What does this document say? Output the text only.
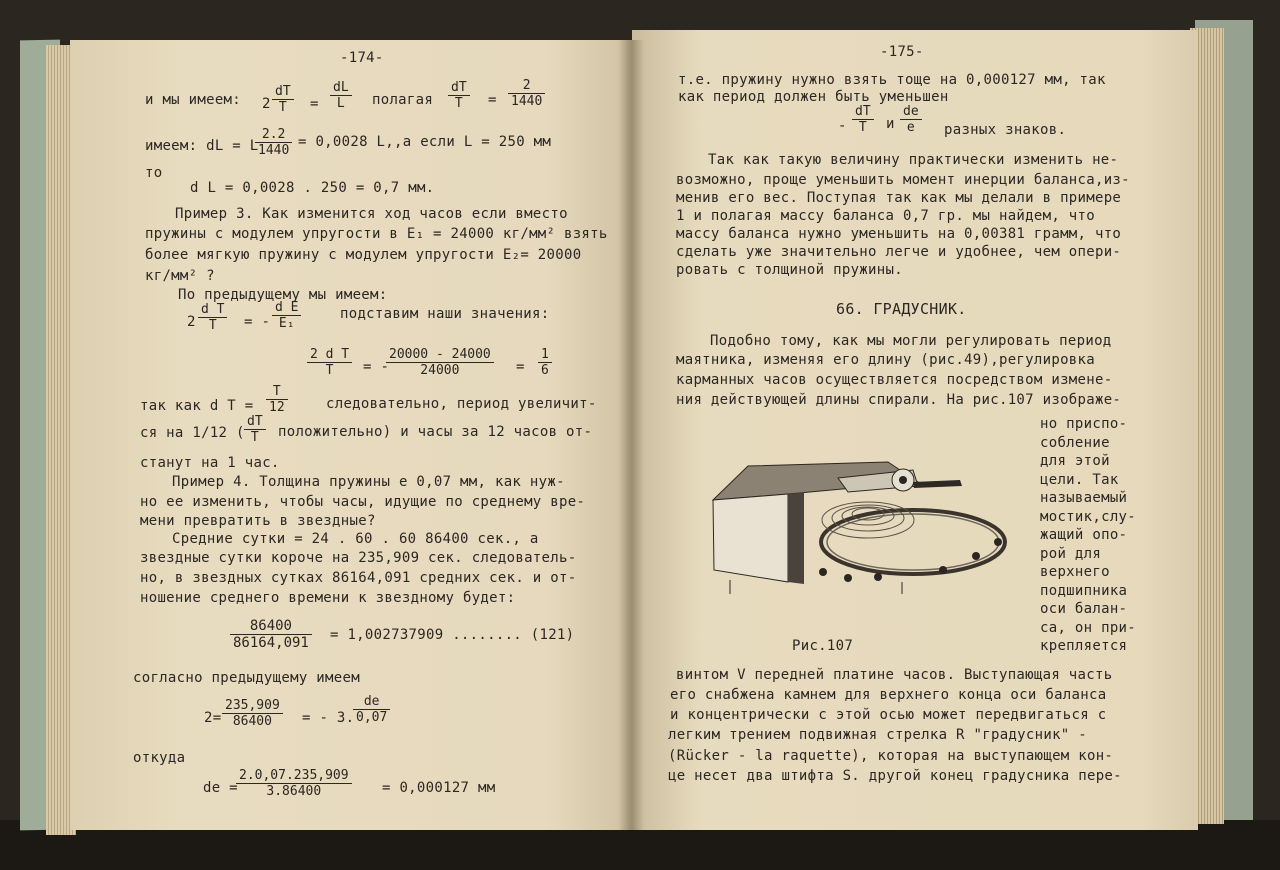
-174-
и мы имеем: $2 \frac{dT}{T} = \frac{dL}{L}$ полагая $\frac{dT}{T} = \frac{2}{1440}$
имеем: dL = L
$\frac{2.2}{1440} = 0,0028$ L,,а если L = 250 мм
то
d L = 0,0028 . 250 = 0,7 мм.
Пример 3. Как изменится ход часов если вместо
пружины с модулем упругости в E₁ = 24000 кг/мм² взять
более мягкую пружину с модулем упругости E₂= 20000
кг/мм² ?
По предыдущему мы имеем:
$2 \frac{\text{d T}}{T}$ = - $\frac{\text{d E}}{\text{E₁}}$	подставим наши значения:
$\frac{\text{2 d T}}{T}$ = -
$\frac{20000 - 24000}{24000} = \frac{1}{6}$
так как d $T = \frac{T}{12}$	следовательно, период увеличит-
ся на 1/12 ( $\frac{dT}{T}$ положительно) и часы за 12 часов от-
станут на 1 час.
Пример 4. Толщина пружины e 0,07 мм, как нуж-
но ее изменить, чтобы часы, идущие по среднему вре-
мени превратить в звездные?
Средние сутки = 24 . 60 . 60 86400 сек., а
звездные сутки короче на 235,909 сек. следователь-
но, в звездных сутках 86164,091 средних сек. и от-
ношение среднего времени к звездному будет:
$\frac{86400}{86164,091} = 1,002737909$ ........ (121)
согласно предыдущему имеем
$2= \frac{235,909}{86400}$ = - 3.
$\frac{de}{0,07}$
откуда
de =
$\frac{2.0,07.235,909}{3.86400} = 0,000127$ мм
-175-
т.е. пружину нужно взять тоще на 0,000127 мм, так
как период должен быть уменьшен
- $\frac{dT}{T}$ и $\frac{de}{e}$ разных знаков.
Так как такую величину практически изменить не-
возможно, проще уменьшить момент инерции баланса,из-
менив его вес. Поступая так как мы делали в примере
1 и полагая массу баланса 0,7 гр. мы найдем, что
массу баланса нужно уменьшить на 0,00381 грамм, что
сделать уже значительно легче и удобнее, чем опери-
ровать с толщиной пружины.
66. ГРАДУСНИК.
Подобно тому, как мы могли регулировать период
маятника, изменяя его длину (рис.49),регулировка
карманных часов осуществляется посредством измене-
ния действующей длины спирали. На рис.107 изображе-
но приспо-
собление
для этой
цели. Так
называемый
мостик,слу-
жащий опо-
рой для
верхнего
подшипника
оси балан-
са, он при-
крепляется
Рис.107
винтом V передней платине часов. Выступающая часть
его снабжена камнем для верхнего конца оси баланса
и концентрически с этой осью может передвигаться с
легким трением подвижная стрелка R "градусник" -
(Rücker - la raquette), которая на выступающем кон-
це несет два штифта S. другой конец градусника пере-
